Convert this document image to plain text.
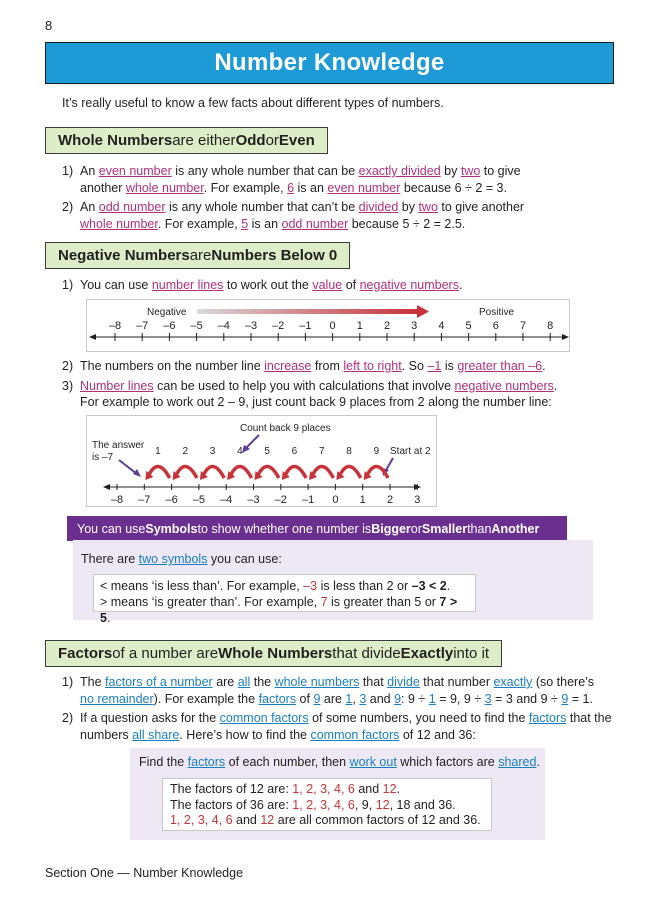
8
Number Knowledge
It’s really useful to know a few facts about different types of numbers.
Whole Numbers are either Odd or Even
1) An even number is any whole number that can be exactly divided by two to give
another whole number. For example, 6 is an even number because 6 ÷ 2 = 3.
2) An odd number is any whole number that can’t be divided by two to give another
whole number. For example, 5 is an odd number because 5 ÷ 2 = 2.5.
Negative Numbers are Numbers Below 0
1) You can use number lines to work out the value of negative numbers.
Negative	Positive
–8 –7 –6 –5 –4 –3 –2 –1 0 1 2 3 4 5 6 7 8
2) The numbers on the number line increase from left to right. So –1 is greater than –6.
3) Number lines can be used to help you with calculations that involve negative numbers.
For example to work out 2 – 9, just count back 9 places from 2 along the number line:
Count back 9 places
The answer
is –7
Start at 2
9
8
7
6
5
4
3
2
1
–8 –7 –6 –5 –4 –3 –2 –1 0 1 2 3
You can use Symbols to show whether one number is Bigger or Smaller than Another
There are two symbols you can use:
< means ‘is less than’. For example, –3 is less than 2 or –3 < 2.
> means ‘is greater than’. For example, 7 is greater than 5 or 7 > 5.
Factors of a number are Whole Numbers that divide Exactly into it
1) The factors of a number are all the whole numbers that divide that number exactly (so there’s
no remainder). For example the factors of 9 are 1, 3 and 9: 9 ÷ 1 = 9, 9 ÷ 3 = 3 and 9 ÷ 9 = 1.
2) If a question asks for the common factors of some numbers, you need to find the factors that the
numbers all share. Here’s how to find the common factors of 12 and 36:
Find the factors of each number, then work out which factors are shared.
The factors of 12 are: 1, 2, 3, 4, 6 and 12.
The factors of 36 are: 1, 2, 3, 4, 6, 9, 12, 18 and 36.
1, 2, 3, 4, 6 and 12 are all common factors of 12 and 36.
Section One — Number Knowledge
